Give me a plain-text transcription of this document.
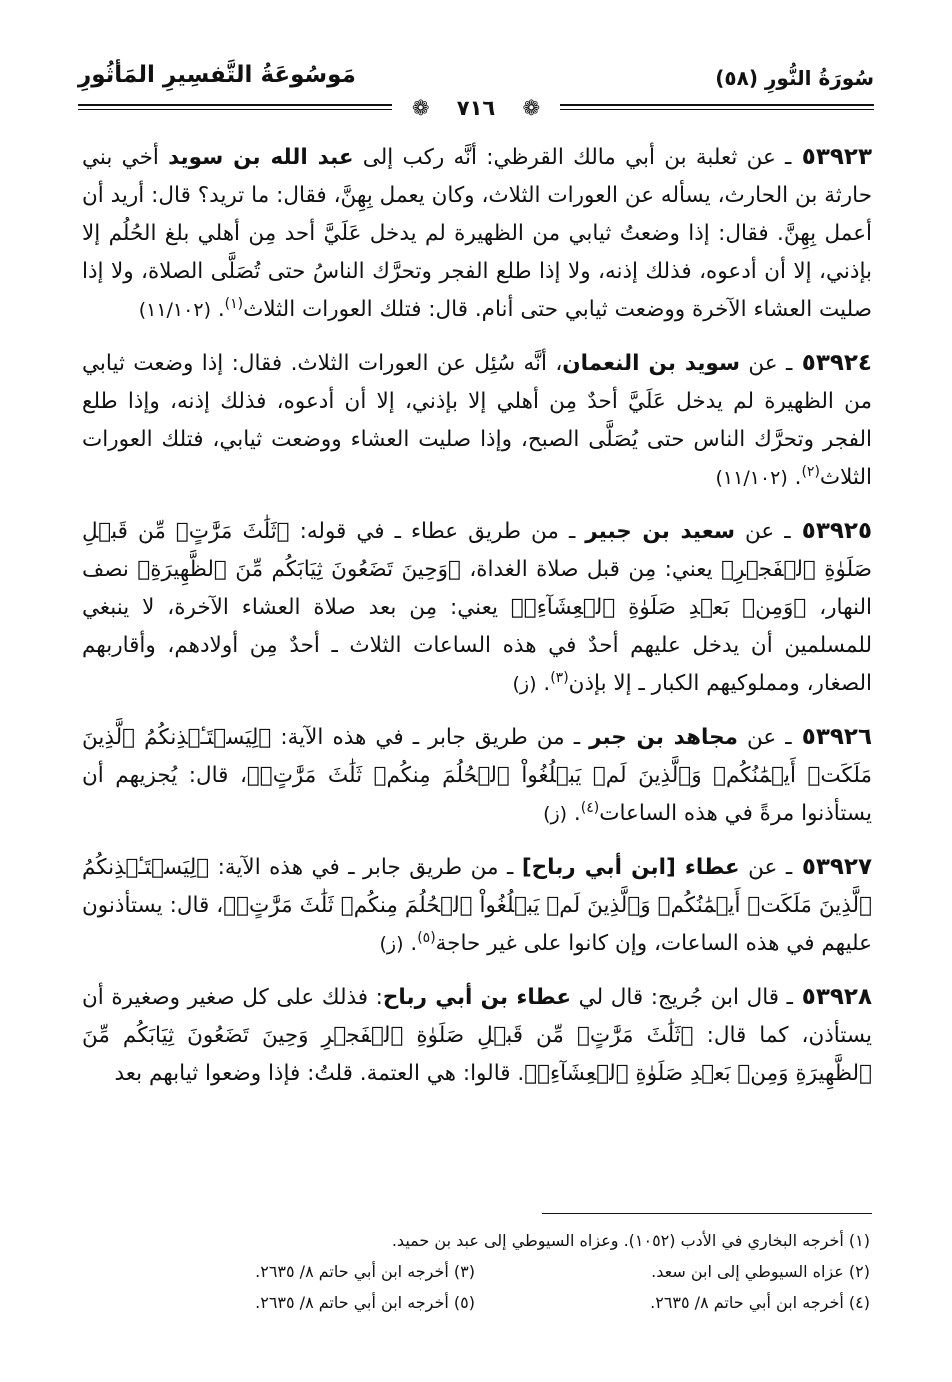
سُورَةُ النُّورِ (٥٨)
مَوسُوعَةُ التَّفسِيرِ المَأثُورِ
❁ ٧١٦ ❁

٥٣٩٢٣ ـ عن ثعلبة بن أبي مالك القرظي: أنَّه ركب إلى عبد الله بن سويد أخي بني حارثة بن الحارث، يسأله عن العورات الثلاث، وكان يعمل بِهِنَّ، فقال: ما تريد؟ قال: أريد أن أعمل بِهِنَّ. فقال: إذا وضعتُ ثيابي من الظهيرة لم يدخل عَلَيَّ أحد مِن أهلي بلغ الحُلُم إلا بإذني، إلا أن أدعوه، فذلك إذنه، ولا إذا طلع الفجر وتحرَّك الناسُ حتى تُصَلَّى الصلاة، ولا إذا صليت العشاء الآخرة ووضعت ثيابي حتى أنام. قال: فتلك العورات الثلاث$^{(١)}$. (١١/١٠٢)

٥٣٩٢٤ ـ عن سويد بن النعمان، أنَّه سُئِل عن العورات الثلاث. فقال: إذا وضعت ثيابي من الظهيرة لم يدخل عَلَيَّ أحدٌ مِن أهلي إلا بإذني، إلا أن أدعوه، فذلك إذنه، وإذا طلع الفجر وتحرَّك الناس حتى يُصَلَّى الصبح، وإذا صليت العشاء ووضعت ثيابي، فتلك العورات الثلاث$^{(٢)}$. (١١/١٠٢)

٥٣٩٢٥ ـ عن سعيد بن جبير ـ من طريق عطاء ـ في قوله: ﴿ثَلَٰثَ مَرَّٰتٍۚ مِّن قَبۡلِ صَلَوٰةِ ٱلۡفَجۡرِ﴾ يعني: مِن قبل صلاة الغداة، ﴿وَحِينَ تَضَعُونَ ثِيَابَكُم مِّنَ ٱلظَّهِيرَةِ﴾ نصف النهار، ﴿وَمِنۢ بَعۡدِ صَلَوٰةِ ٱلۡعِشَآءِۚ﴾ يعني: مِن بعد صلاة العشاء الآخرة، لا ينبغي للمسلمين أن يدخل عليهم أحدٌ في هذه الساعات الثلاث ـ أحدٌ مِن أولادهم، وأقاربهم الصغار، ومملوكيهم الكبار ـ إلا بإذن$^{(٣)}$. (ز)

٥٣٩٢٦ ـ عن مجاهد بن جبر ـ من طريق جابر ـ في هذه الآية: ﴿لِيَسۡتَـٔۡذِنكُمُ ٱلَّذِينَ مَلَكَتۡ أَيۡمَٰنُكُمۡ وَٱلَّذِينَ لَمۡ يَبۡلُغُواْ ٱلۡحُلُمَ مِنكُمۡ ثَلَٰثَ مَرَّٰتٍۚ﴾، قال: يُجزيهم أن يستأذنوا مرةً في هذه الساعات$^{(٤)}$. (ز)

٥٣٩٢٧ ـ عن عطاء [ابن أبي رباح] ـ من طريق جابر ـ في هذه الآية: ﴿لِيَسۡتَـٔۡذِنكُمُ ٱلَّذِينَ مَلَكَتۡ أَيۡمَٰنُكُمۡ وَٱلَّذِينَ لَمۡ يَبۡلُغُواْ ٱلۡحُلُمَ مِنكُمۡ ثَلَٰثَ مَرَّٰتٍۚ﴾، قال: يستأذنون عليهم في هذه الساعات، وإن كانوا على غير حاجة$^{(٥)}$. (ز)

٥٣٩٢٨ ـ قال ابن جُريج: قال لي عطاء بن أبي رباح: فذلك على كل صغير وصغيرة أن يستأذن، كما قال: ﴿ثَلَٰثَ مَرَّٰتٍۚ مِّن قَبۡلِ صَلَوٰةِ ٱلۡفَجۡرِ وَحِينَ تَضَعُونَ ثِيَابَكُم مِّنَ ٱلظَّهِيرَةِ وَمِنۢ بَعۡدِ صَلَوٰةِ ٱلۡعِشَآءِۚ﴾. قالوا: هي العتمة. قلتُ: فإذا وضعوا ثيابهم بعد

(١) أخرجه البخاري في الأدب (١٠٥٢). وعزاه السيوطي إلى عبد بن حميد.
(٢) عزاه السيوطي إلى ابن سعد.
(٣) أخرجه ابن أبي حاتم ٨/ ٢٦٣٥.
(٤) أخرجه ابن أبي حاتم ٨/ ٢٦٣٥.
(٥) أخرجه ابن أبي حاتم ٨/ ٢٦٣٥.
